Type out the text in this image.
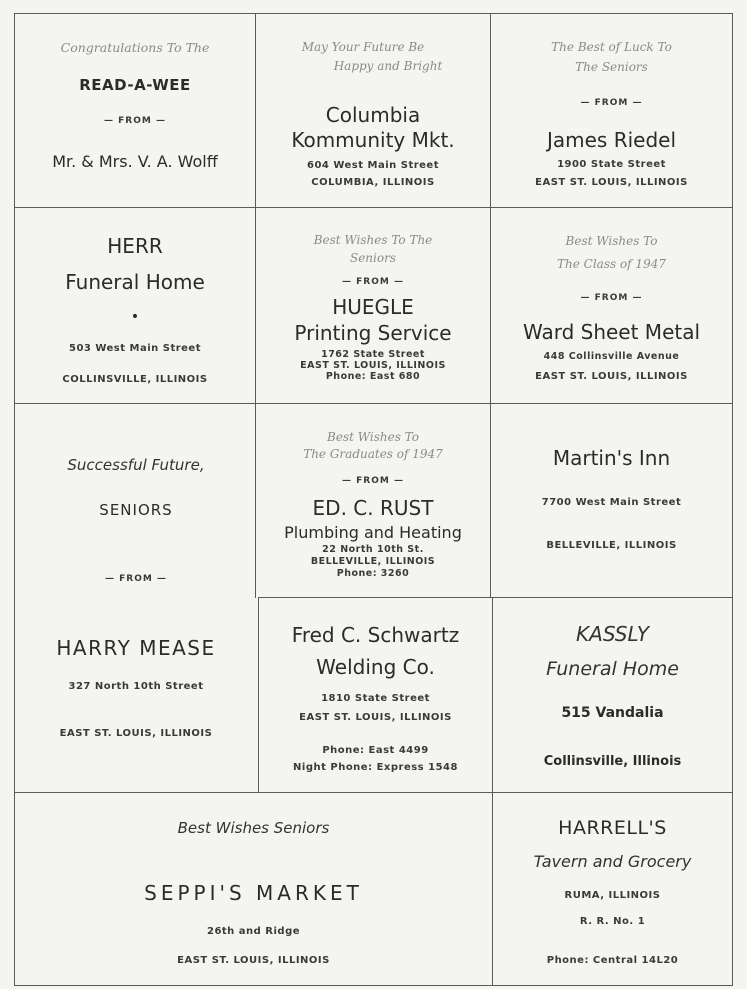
Congratulations To The
READ-A-WEE
— FROM —
Mr. & Mrs. V. A. Wolff
May Your Future Be
Happy and Bright
Columbia
Kommunity Mkt.
604 West Main Street
COLUMBIA, ILLINOIS
The Best of Luck To
The Seniors
— FROM —
James Riedel
1900 State Street
EAST ST. LOUIS, ILLINOIS
HERR
Funeral Home
•
503 West Main Street
COLLINSVILLE, ILLINOIS
Best Wishes To The
Seniors
— FROM —
HUEGLE
Printing Service
1762 State Street
EAST ST. LOUIS, ILLINOIS
Phone: East 680
Best Wishes To
The Class of 1947
— FROM —
Ward Sheet Metal
448 Collinsville Avenue
EAST ST. LOUIS, ILLINOIS
Successful Future,
SENIORS
— FROM —
HARRY MEASE
327 North 10th Street
EAST ST. LOUIS, ILLINOIS
Best Wishes To
The Graduates of 1947
— FROM —
ED. C. RUST
Plumbing and Heating
22 North 10th St.
BELLEVILLE, ILLINOIS
Phone: 3260
Martin's Inn
7700 West Main Street
BELLEVILLE, ILLINOIS
Fred C. Schwartz
Welding Co.
1810 State Street
EAST ST. LOUIS, ILLINOIS
Phone: East 4499
Night Phone: Express 1548
KASSLY
Funeral Home
515 Vandalia
Collinsville, Illinois
Best Wishes Seniors
SEPPI'S MARKET
26th and Ridge
EAST ST. LOUIS, ILLINOIS
HARRELL'S
Tavern and Grocery
RUMA, ILLINOIS
R. R. No. 1
Phone: Central 14L20
